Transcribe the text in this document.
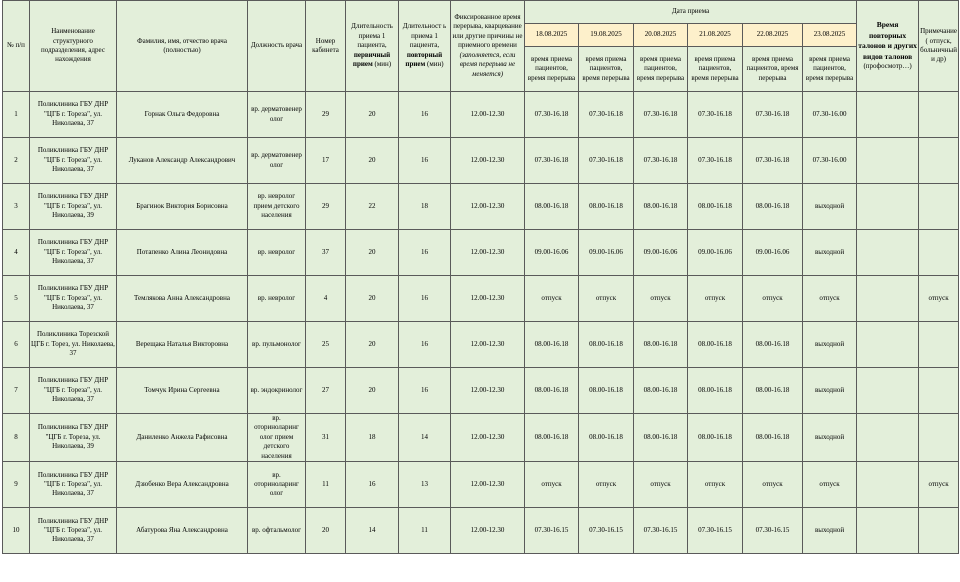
№ п/п	Наименование структурного подразделения, адрес нахождения	Фамилия, имя, отчество врача (полностью)	Должность врача	Номер кабинета	Длительность приема 1 пациента, первичный прием (мин)	Длительност ь приема 1 пациента, повторный прием (мин)	Фиксированное время перерыва, кварцевание или другие причины не приемного времени (заполняется, если время перерыва не меняется)	Дата приема						Время повторных талонов и других видов талонов (профосмотр…)	Примечание ( отпуск, больничный и др)
								18.08.2025	19.08.2025	20.08.2025	21.08.2025	22.08.2025	23.08.2025		
								время приема пациентов, время перерыва	время приема пациентов, время перерыва	время приема пациентов, время перерыва	время приема пациентов, время перерыва	время приема пациентов, время перерыва	время приема пациентов, время перерыва		
1	Поликлиника ГБУ ДНР "ЦГБ г. Тореза", ул. Николаева, 37	Горнак Ольга Федоровна	вр. дерматовенер олог	29	20	16	12.00-12.30	07.30-16.18	07.30-16.18	07.30-16.18	07.30-16.18	07.30-16.18	07.30-16.00		
2	Поликлиника ГБУ ДНР "ЦГБ г. Тореза", ул. Николаева, 37	Луканов Александр Александрович	вр. дерматовенер олог	17	20	16	12.00-12.30	07.30-16.18	07.30-16.18	07.30-16.18	07.30-16.18	07.30-16.18	07.30-16.00		
3	Поликлиника ГБУ ДНР "ЦГБ г. Тореза", ул. Николаева, 39	Брагинок Виктория Борисовна	вр. невролог прием детского населения	29	22	18	12.00-12.30	08.00-16.18	08.00-16.18	08.00-16.18	08.00-16.18	08.00-16.18	выходной		
4	Поликлиника ГБУ ДНР "ЦГБ г. Тореза", ул. Николаева, 37	Потапенко Алина Леонидовна	вр. невролог	37	20	16	12.00-12.30	09.00-16.06	09.00-16.06	09.00-16.06	09.00-16.06	09.00-16.06	выходной		
5	Поликлиника ГБУ ДНР "ЦГБ г. Тореза", ул. Николаева, 37	Темлякова Анна Александровна	вр. невролог	4	20	16	12.00-12.30	отпуск	отпуск	отпуск	отпуск	отпуск	отпуск		отпуск
6	Поликлиника Торезской ЦГБ г. Торез, ул. Николаева, 37	Верещака Наталья Викторовна	вр. пульмонолог	25	20	16	12.00-12.30	08.00-16.18	08.00-16.18	08.00-16.18	08.00-16.18	08.00-16.18	выходной		
7	Поликлиника ГБУ ДНР "ЦГБ г. Тореза", ул. Николаева, 37	Томчук Ирина Сергеевна	вр. эндокринолог	27	20	16	12.00-12.30	08.00-16.18	08.00-16.18	08.00-16.18	08.00-16.18	08.00-16.18	выходной		
8	Поликлиника ГБУ ДНР "ЦГБ г. Тореза, ул. Николаева, 39	Даниленко Анжела Рафисовна	вр. оториноларинг олог прием детского населения	31	18	14	12.00-12.30	08.00-16.18	08.00-16.18	08.00-16.18	08.00-16.18	08.00-16.18	выходной		
9	Поликлиника ГБУ ДНР "ЦГБ г. Тореза", ул. Николаева, 37	Дзюбенко Вера Александровна	вр. оториноларинг олог	11	16	13	12.00-12.30	отпуск	отпуск	отпуск	отпуск	отпуск	отпуск		отпуск
10	Поликлиника ГБУ ДНР "ЦГБ г. Тореза", ул. Николаева, 37	Абатурова Яна Александровна	вр. офтальмолог	20	14	11	12.00-12.30	07.30-16.15	07.30-16.15	07.30-16.15	07.30-16.15	07.30-16.15	выходной		
